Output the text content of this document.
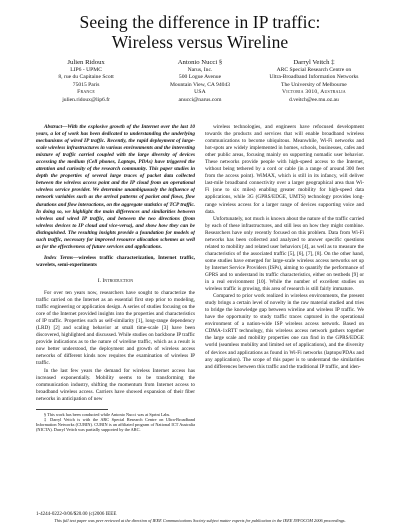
Seeing the difference in IP traffic:
Wireless versus Wireline
Julien Ridoux
LIP6 - UPMC
8, rue du Capitaine Scott
75015 Paris
France
julien.ridoux@lip6.fr
Antonio Nucci §
Narus, Inc.
500 Logue Avenue
Mountain View, CA 94043
USA
anucci@narus.com
Darryl Veitch ‡
ARC Special Research Centre on
Ultra-Broadband Information Networks
The University of Melbourne
Victoria 3010, Australia
d.veitch@ee.mu.oz.au

Abstract—With the explosive growth of the Internet over the last 10 years, a lot of work has been dedicated to understanding the underlying mechanisms of wired IP traffic. Recently, the rapid deployment of large-scale wireless infrastructures in various environments and the interesting mixture of traffic carried coupled with the large diversity of devices accessing the medium (Cell phones, Laptops, PDAs) have triggered the attention and curiosity of the research community. This paper studies in depth the properties of several large traces of packet data collected between the wireless access point and the IP cloud from an operational wireless service provider. We determine unambiguously the influence of network variables such as the arrival patterns of packet and flows, flow durations and flow interactions, on the aggregate statistics of TCP traffic. In doing so, we highlight the main differences and similarities between wireless and wired IP traffic, and between the two directions (from wireless devices to IP cloud and vice-versa), and show how they can be distinguished. The resulting insights provide a foundation for models of such traffic, necessary for improved resource allocation schemes as well as for the effectiveness of future services and applications.

Index Terms—wireless traffic characterization, Internet traffic, wavelets, semi-experiments

I. Introduction

For over ten years now, researchers have sought to characterize the traffic carried on the Internet as an essential first step prior to modeling, traffic engineering or application design. A series of studies focusing on the core of the Internet provided insights into the properties and characteristics of IP traffic. Properties such as self-similarity [1], long-range dependency (LRD) [2] and scaling behavior at small time-scale [3] have been discovered, highlighted and discussed. While studies on backbone IP traffic provide indications as to the nature of wireline traffic, which as a result is now better understood, the deployment and growth of wireless access networks of different kinds now requires the examination of wireless IP traffic.

In the last few years the demand for wireless Internet access has increased exponentially. Mobility seems to be transforming the communication industry, shifting the momentum from Internet access to broadband wireless access. Carriers have showed expansion of their fiber networks in anticipation of new

§ This work has been conducted while Antonio Nucci was at Sprint Labs.

‡ Darryl Veitch is with the ARC Special Research Centre on Ultra-Broadband Information Networks (CUBIN). CUBIN is an affiliated program of National ICT Australia (NICTA). Darryl Veitch was partially supported by the ARC.

wireless technologies, and engineers have refocused development towards the products and services that will enable broadband wireless communications to become ubiquitous. Meanwhile, Wi-Fi networks and hot-spots are widely implemented in homes, schools, businesses, cafes and other public areas, focusing mainly on supporting nomadic user behavior. These networks provide people with high-speed access to the Internet, without being tethered by a cord or cable (in a range of around 300 feet from the access point). WiMAX, which is still in its infancy, will deliver last-mile broadband connectivity over a larger geographical area than Wi-Fi (one to six miles) enabling greater mobility for high-speed data applications, while 3G (GPRS/EDGE, UMTS) technology provides long-range wireless access for a larger range of devices supporting voice and data.

Unfortunately, not much is known about the nature of the traffic carried by each of these infrastructures, and still less on how they might combine. Researchers have only recently focused on this problem. Data from Wi-Fi networks has been collected and analyzed to answer specific questions related to mobility and related user behaviors [4], as well as to measure the characteristics of the associated traffic [5], [6], [7], [8]. On the other hand, some studies have emerged for large-scale wireless access networks set up by Internet Service Providers (ISPs), aiming to quantify the performance of GPRS and to understand its traffic characteristics, either on testbeds [9] or in a real environment [10]. While the number of excellent studies on wireless traffic is growing, this area of research is still fairly immature.

Compared to prior work realized in wireless environments, the present study brings a certain level of novelty in the raw material studied and tries to bridge the knowledge gap between wireline and wireless IP traffic. We have the opportunity to study traffic traces captured in the operational environment of a nation-wide ISP wireless access network. Based on CDMA-1xRTT technology, this wireless access network gathers together the large scale and mobility properties one can find in the GPRS/EDGE world (seamless mobility and limited set of applications), and the diversity of devices and applications as found in Wi-Fi networks (laptops/PDAs and any application). The scope of this paper is to understand the similarities and differences between this traffic and the traditional IP traffic, and iden-

1-4244-0222-0/06/$20.00 (c)2006 IEEE
This full text paper was peer reviewed at the direction of IEEE Communications Society subject matter experts for publication in the IEEE INFOCOM 2006 proceedings.
